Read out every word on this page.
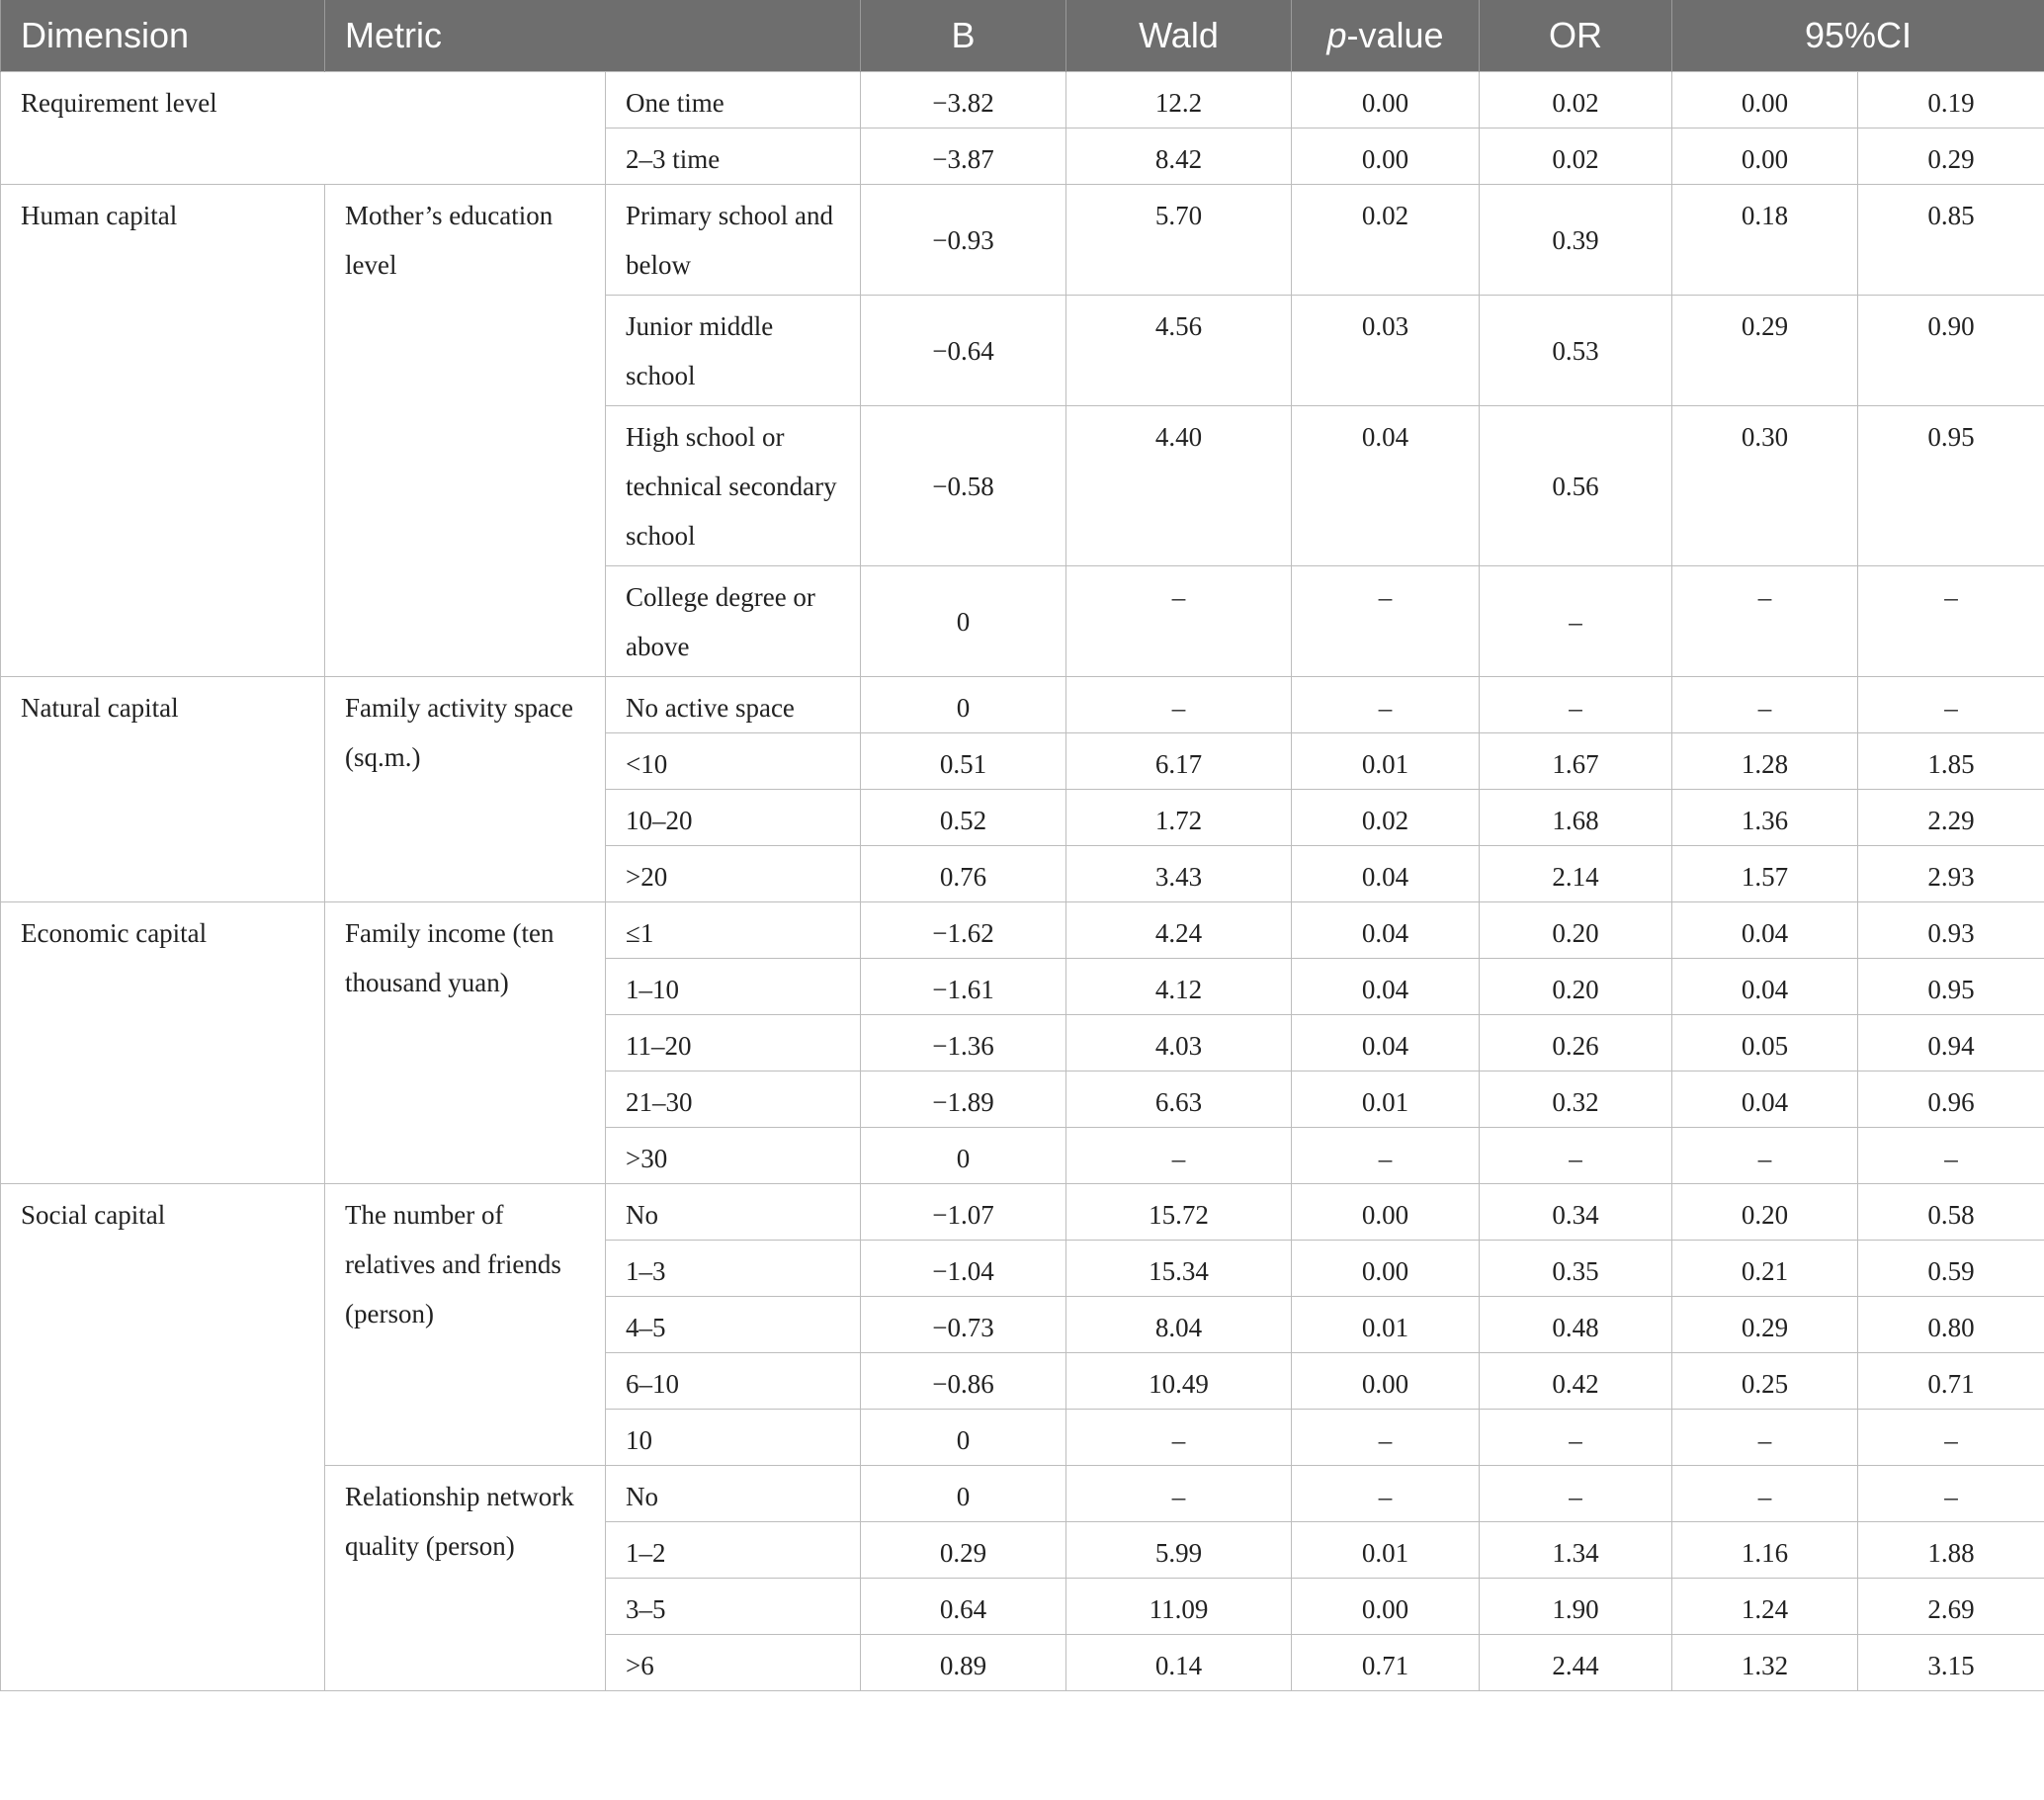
Dimension	Metric		B	Wald	p-value	OR	95%CI	
Requirement level		One time	−3.82	12.2	0.00	0.02	0.00	0.19
		2–3 time	−3.87	8.42	0.00	0.02	0.00	0.29
Human capital	Mother’s education level	Primary school and below	−0.93	5.70	0.02	0.39	0.18	0.85
		Junior middle school	−0.64	4.56	0.03	0.53	0.29	0.90
		High school or technical secondary school	−0.58	4.40	0.04	0.56	0.30	0.95
		College degree or above	0	–	–	–	–	–
Natural capital	Family activity space (sq.m.)	No active space	0	–	–	–	–	–
		<10	0.51	6.17	0.01	1.67	1.28	1.85
		10–20	0.52	1.72	0.02	1.68	1.36	2.29
		>20	0.76	3.43	0.04	2.14	1.57	2.93
Economic capital	Family income (ten thousand yuan)	≤1	−1.62	4.24	0.04	0.20	0.04	0.93
		1–10	−1.61	4.12	0.04	0.20	0.04	0.95
		11–20	−1.36	4.03	0.04	0.26	0.05	0.94
		21–30	−1.89	6.63	0.01	0.32	0.04	0.96
		>30	0	–	–	–	–	–
Social capital	The number of relatives and friends (person)	No	−1.07	15.72	0.00	0.34	0.20	0.58
		1–3	−1.04	15.34	0.00	0.35	0.21	0.59
		4–5	−0.73	8.04	0.01	0.48	0.29	0.80
		6–10	−0.86	10.49	0.00	0.42	0.25	0.71
		10	0	–	–	–	–	–
	Relationship network quality (person)	No	0	–	–	–	–	–
		1–2	0.29	5.99	0.01	1.34	1.16	1.88
		3–5	0.64	11.09	0.00	1.90	1.24	2.69
		>6	0.89	0.14	0.71	2.44	1.32	3.15
